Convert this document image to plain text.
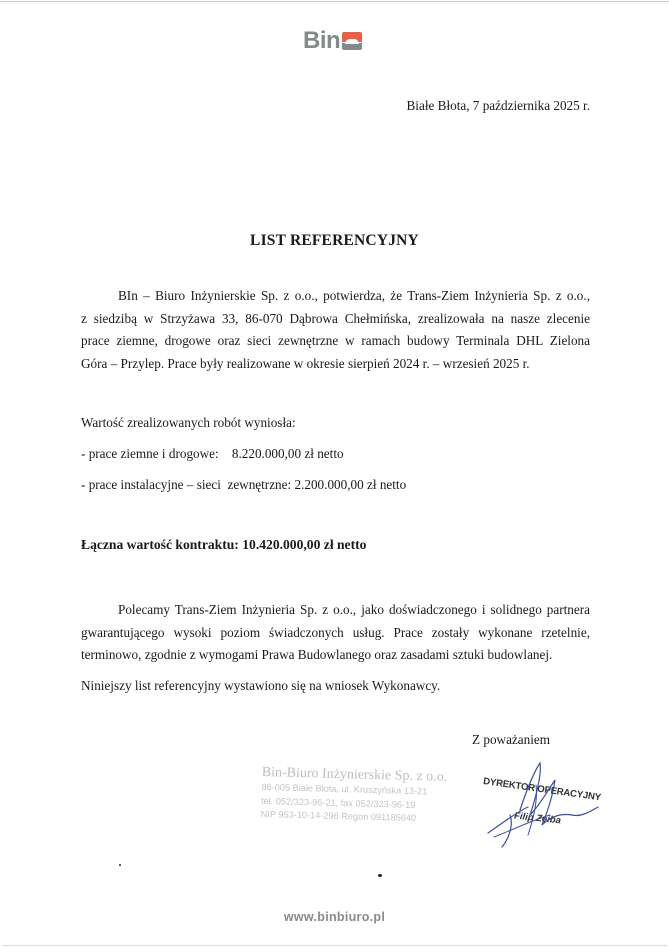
Bin
Białe Błota, 7 października 2025 r.
LIST REFERENCYJNY
BIn – Biuro Inżynierskie Sp. z o.o., potwierdza, że Trans-Ziem Inżynieria Sp. z o.o.,
z siedzibą w Strzyżawa 33, 86-070 Dąbrowa Chełmińska, zrealizowała na nasze zlecenie
prace ziemne, drogowe oraz sieci zewnętrzne w ramach budowy Terminala DHL Zielona
Góra – Przylep. Prace były realizowane w okresie sierpień 2024 r. – wrzesień 2025 r.
Wartość zrealizowanych robót wyniosła:
- prace ziemne i drogowe: 8.220.000,00 zł netto
- prace instalacyjne – sieci  zewnętrzne: 2.200.000,00 zł netto
Łączna wartość kontraktu: 10.420.000,00 zł netto
Polecamy Trans-Ziem Inżynieria Sp. z o.o., jako doświadczonego i solidnego partnera
gwarantującego wysoki poziom świadczonych usług. Prace zostały wykonane rzetelnie,
terminowo, zgodnie z wymogami Prawa Budowlanego oraz zasadami sztuki budowlanej.
Niniejszy list referencyjny wystawiono się na wniosek Wykonawcy.
Z poważaniem
Bin-Biuro Inżynierskie Sp. z o.o.
86-005 Białe Błota, ul. Kruszyńska 13-21
tel. 052/323-96-21, fax 052/323-96-19
NIP 953-10-14-296 Regon 091185640
DYREKTOR OPERACYJNY
Filip Zeiba
www.binbiuro.pl
